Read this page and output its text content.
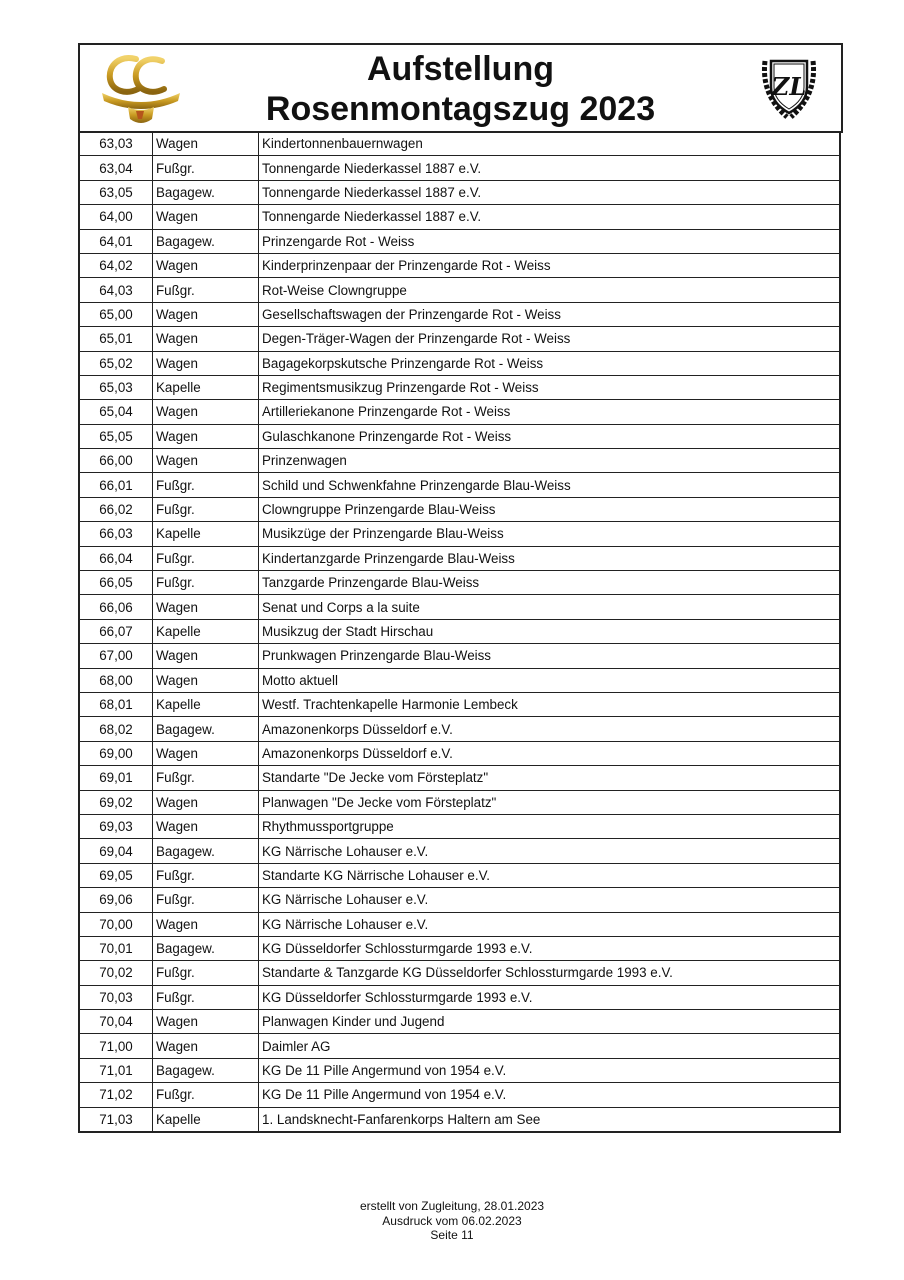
Aufstellung
Rosenmontagszug 2023
ZL
63,03	Wagen	Kindertonnenbauernwagen
63,04	Fußgr.	Tonnengarde Niederkassel 1887 e.V.
63,05	Bagagew.	Tonnengarde Niederkassel 1887 e.V.
64,00	Wagen	Tonnengarde Niederkassel 1887 e.V.
64,01	Bagagew.	Prinzengarde Rot - Weiss
64,02	Wagen	Kinderprinzenpaar der Prinzengarde Rot - Weiss
64,03	Fußgr.	Rot-Weise Clowngruppe
65,00	Wagen	Gesellschaftswagen der Prinzengarde Rot - Weiss
65,01	Wagen	Degen-Träger-Wagen der Prinzengarde Rot - Weiss
65,02	Wagen	Bagagekorpskutsche Prinzengarde Rot - Weiss
65,03	Kapelle	Regimentsmusikzug Prinzengarde Rot - Weiss
65,04	Wagen	Artilleriekanone Prinzengarde Rot - Weiss
65,05	Wagen	Gulaschkanone Prinzengarde Rot - Weiss
66,00	Wagen	Prinzenwagen
66,01	Fußgr.	Schild und Schwenkfahne Prinzengarde Blau-Weiss
66,02	Fußgr.	Clowngruppe Prinzengarde Blau-Weiss
66,03	Kapelle	Musikzüge der Prinzengarde Blau-Weiss
66,04	Fußgr.	Kindertanzgarde Prinzengarde Blau-Weiss
66,05	Fußgr.	Tanzgarde Prinzengarde Blau-Weiss
66,06	Wagen	Senat und Corps a la suite
66,07	Kapelle	Musikzug der Stadt Hirschau
67,00	Wagen	Prunkwagen Prinzengarde Blau-Weiss
68,00	Wagen	Motto aktuell
68,01	Kapelle	Westf. Trachtenkapelle Harmonie Lembeck
68,02	Bagagew.	Amazonenkorps Düsseldorf e.V.
69,00	Wagen	Amazonenkorps Düsseldorf e.V.
69,01	Fußgr.	Standarte "De Jecke vom Försteplatz"
69,02	Wagen	Planwagen "De Jecke vom Försteplatz"
69,03	Wagen	Rhythmussportgruppe
69,04	Bagagew.	KG Närrische Lohauser e.V.
69,05	Fußgr.	Standarte KG Närrische Lohauser e.V.
69,06	Fußgr.	KG Närrische Lohauser e.V.
70,00	Wagen	KG Närrische Lohauser e.V.
70,01	Bagagew.	KG Düsseldorfer Schlossturmgarde 1993 e.V.
70,02	Fußgr.	Standarte & Tanzgarde KG Düsseldorfer Schlossturmgarde 1993 e.V.
70,03	Fußgr.	KG Düsseldorfer Schlossturmgarde 1993 e.V.
70,04	Wagen	Planwagen Kinder und Jugend
71,00	Wagen	Daimler AG
71,01	Bagagew.	KG De 11 Pille Angermund von 1954 e.V.
71,02	Fußgr.	KG De 11 Pille Angermund von 1954 e.V.
71,03	Kapelle	1. Landsknecht-Fanfarenkorps Haltern am See
erstellt von Zugleitung, 28.01.2023
Ausdruck vom 06.02.2023
Seite 11
